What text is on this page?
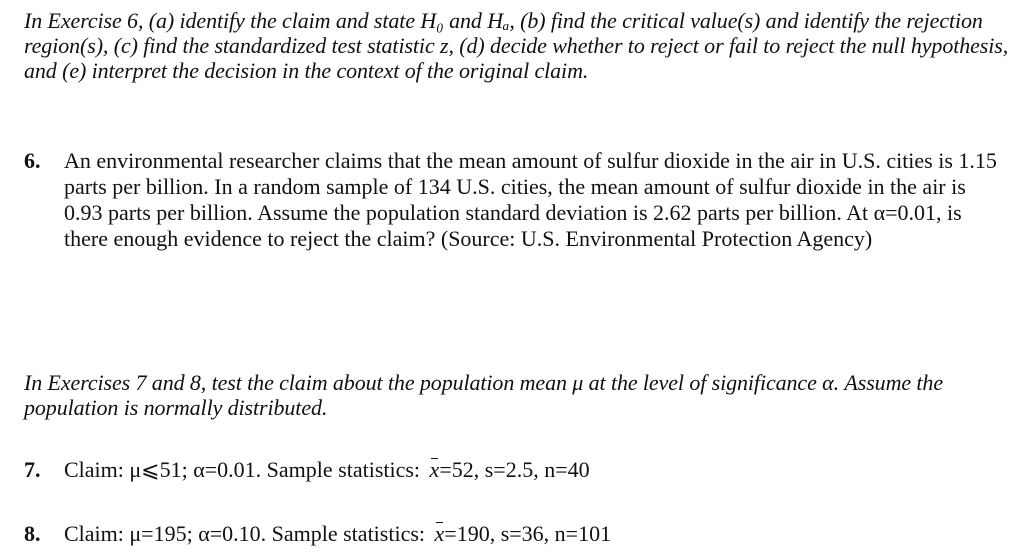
In Exercise 6, (a) identify the claim and state H₀ and Hₐ, (b) find the critical value(s) and identify the rejection region(s), (c) find the standardized test statistic z, (d) decide whether to reject or fail to reject the null hypothesis, and (e) interpret the decision in the context of the original claim.
6. An environmental researcher claims that the mean amount of sulfur dioxide in the air in U.S. cities is 1.15 parts per billion. In a random sample of 134 U.S. cities, the mean amount of sulfur dioxide in the air is 0.93 parts per billion. Assume the population standard deviation is 2.62 parts per billion. At α=0.01, is there enough evidence to reject the claim? (Source: U.S. Environmental Protection Agency)
In Exercises 7 and 8, test the claim about the population mean μ at the level of significance α. Assume the population is normally distributed.
7. Claim: μ⩽51; α=0.01. Sample statistics: x=52, s=2.5, n=40
8. Claim: μ=195; α=0.10. Sample statistics: x=190, s=36, n=101
